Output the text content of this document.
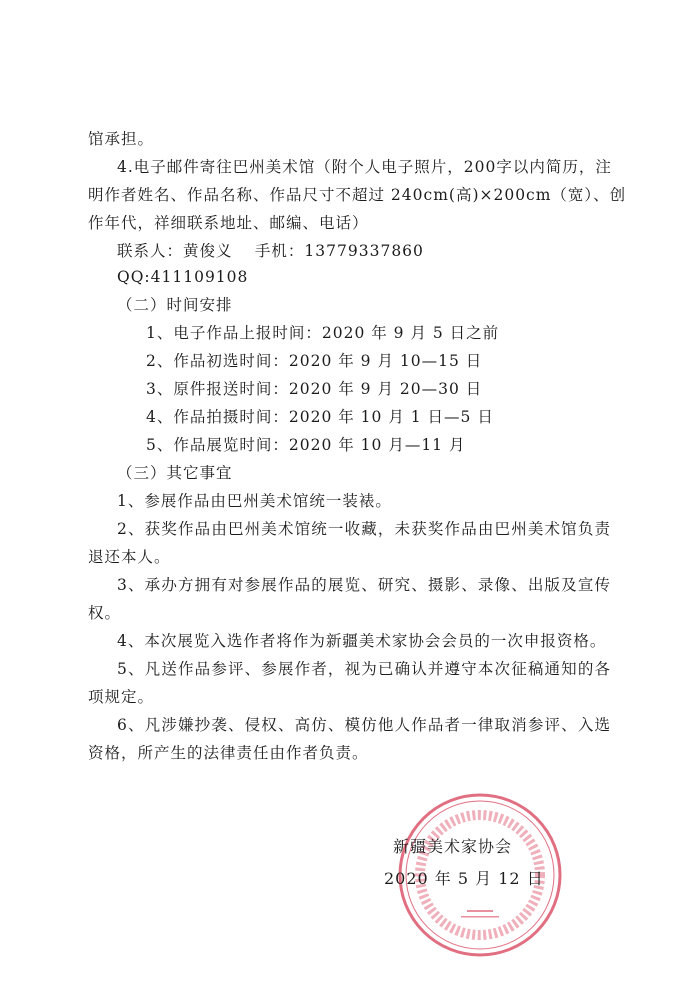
馆承担。
4.电子邮件寄往巴州美术馆（附个人电子照片，200字以内简历，注
明作者姓名、作品名称、作品尺寸不超过 240cm(高)×200cm（宽）、创
作年代，祥细联系地址、邮编、电话）
联系人：黄俊义　 手机：13779337860
QQ:411109108
（二）时间安排
1、电子作品上报时间：2020 年 9 月 5 日之前
2、作品初选时间：2020 年 9 月 10—15 日
3、原件报送时间：2020 年 9 月 20—30 日
4、作品拍摄时间：2020 年 10 月 1 日—5 日
5、作品展览时间：2020 年 10 月—11 月
（三）其它事宜
1、参展作品由巴州美术馆统一装裱。
2、获奖作品由巴州美术馆统一收藏，未获奖作品由巴州美术馆负责
退还本人。
3、承办方拥有对参展作品的展览、研究、摄影、录像、出版及宣传
权。
4、本次展览入选作者将作为新疆美术家协会会员的一次申报资格。
5、凡送作品参评、参展作者，视为已确认并遵守本次征稿通知的各
项规定。
6、凡涉嫌抄袭、侵权、高仿、模仿他人作品者一律取消参评、入选
资格，所产生的法律责任由作者负责。
新疆美术家协会
2020 年 5 月 12 日
